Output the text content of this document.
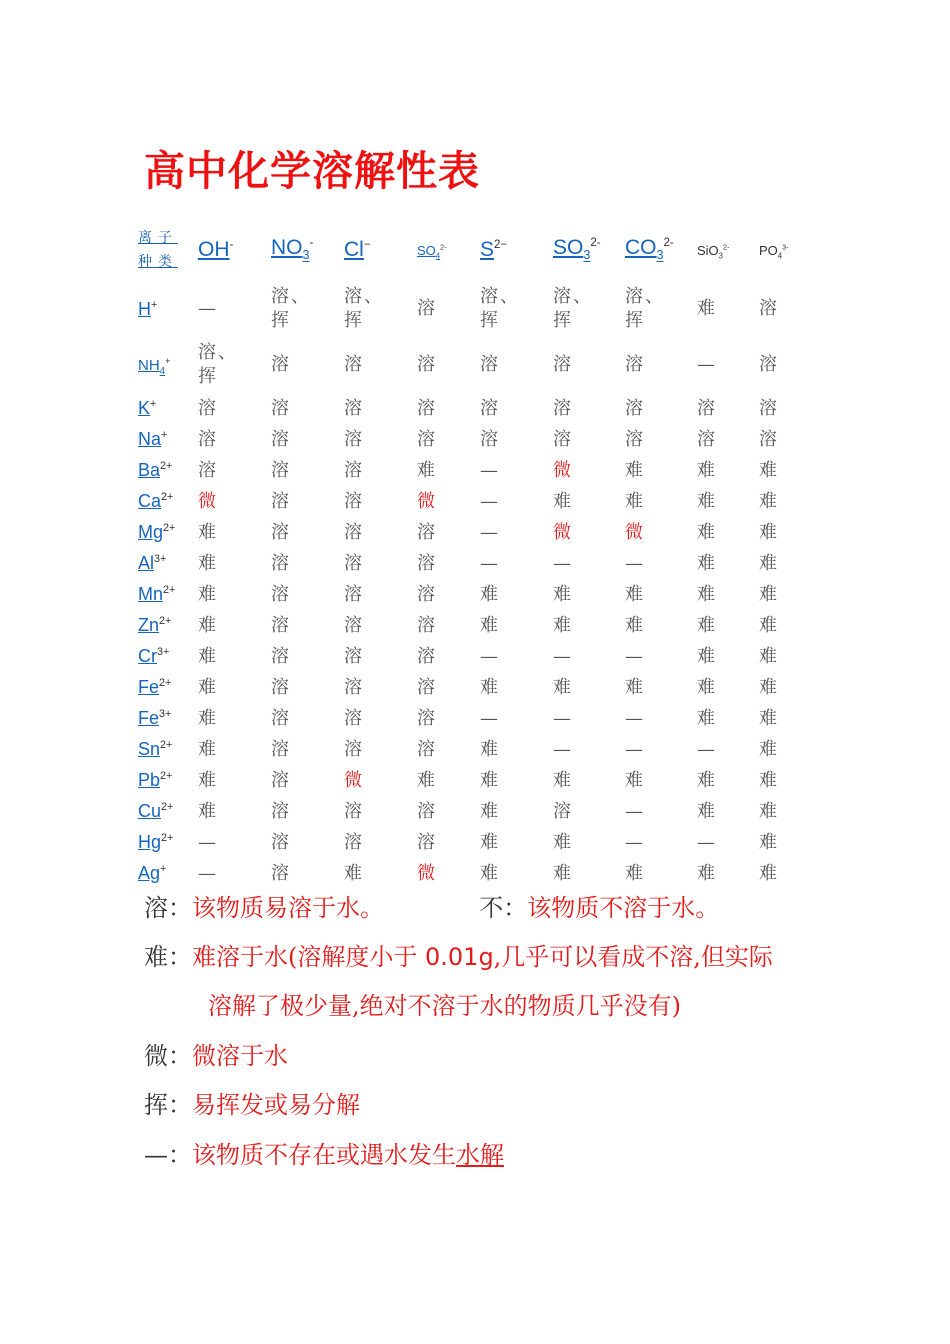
高中化学溶解性表
离子
种类	OH-	$NO_3^-$	Cl−	$SO_4^{2-}$	$S^{2-}$	$SO_3^{2-}$	$CO_3^{2-}$	SiO$_3^{2-}$	$PO_4^{3-}$
H+	—	溶、挥	溶、挥	溶	溶、挥	溶、挥	溶、挥	难	溶

$NH_4^+$	溶、挥	溶	溶	溶	溶	溶	溶	—	溶

K+	溶	溶	溶	溶	溶	溶	溶	溶	溶

Na+	溶	溶	溶	溶	溶	溶	溶	溶	溶

$Ba^{2+}$	溶	溶	溶	难	—	微	难	难	难

$Ca^{2+}$	微	溶	溶	微	—	难	难	难	难

$Mg^{2+}$	难	溶	溶	溶	—	微	微	难	难

$Al^{3+}$	难	溶	溶	溶	—	—	—	难	难

$Mn^{2+}$	难	溶	溶	溶	难	难	难	难	难

$Zn^{2+}$	难	溶	溶	溶	难	难	难	难	难

$Cr^{3+}$	难	溶	溶	溶	—	—	—	难	难

$Fe^{2+}$	难	溶	溶	溶	难	难	难	难	难

$Fe^{3+}$	难	溶	溶	溶	—	—	—	难	难

$Sn^{2+}$	难	溶	溶	溶	难	—	—	—	难

$Pb^{2+}$	难	溶	微	难	难	难	难	难	难

$Cu^{2+}$	难	溶	溶	溶	难	溶	—	难	难

$Hg^{2+}$	—	溶	溶	溶	难	难	—	—	难

Ag+	—	溶	难	微	难	难	难	难	难
溶：该物质易溶于水。	不：该物质不溶于水。
难：难溶于水(溶解度小于 0.01g,几乎可以看成不溶,但实际
溶解了极少量,绝对不溶于水的物质几乎没有)
微：微溶于水
挥：易挥发或易分解
—：该物质不存在或遇水发生水解
